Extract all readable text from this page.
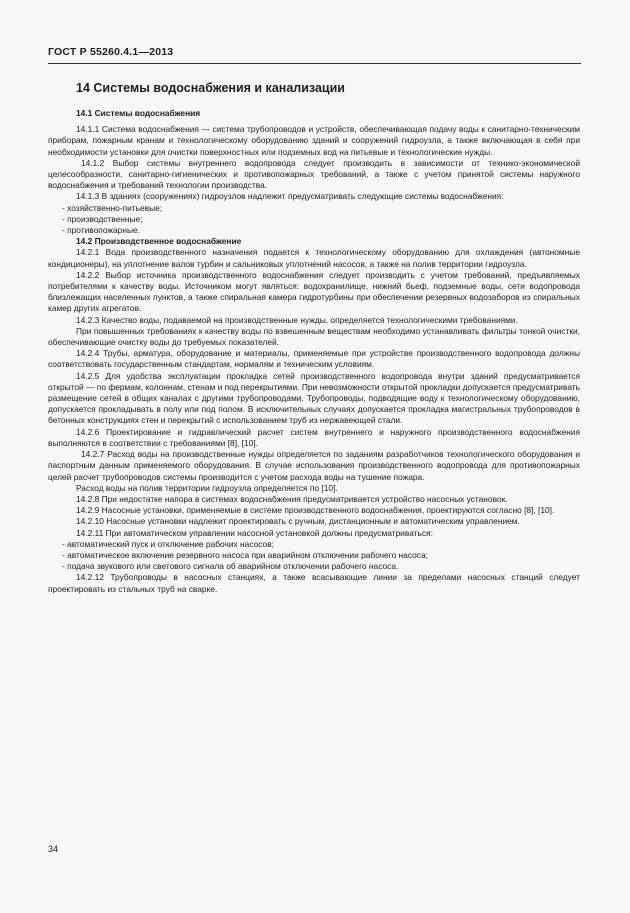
ГОСТ Р 55260.4.1—2013
14 Системы водоснабжения и канализации
14.1 Системы водоснабжения

14.1.1 Система водоснабжения — система трубопроводов и устройств, обеспечивающая подачу воды к санитарно-техническим приборам, пожарным кранам и технологическому оборудованию зданий и сооружений гидроузла, а также включающая в себя при необходимости установки для очистки поверхностных или подземных вод на питьевые и технологические нужды.

14.1.2 Выбор системы внутреннего водопровода следует производить в зависимости от технико-экономической целесообразности, санитарно-гигиенических и противопожарных требований, а также с учетом принятой системы наружного водоснабжения и требований технологии производства.

14.1.3 В зданиях (сооружениях) гидроузлов надлежит предусматривать следующие системы водоснабжения:

- хозяйственно-питьевые;
- производственные;
- противопожарные.
14.2 Производственное водоснабжение

14.2.1 Вода производственного назначения подается к технологическому оборудованию для охлаждения (автономные кондиционеры), на уплотнение валов турбин и сальниковых уплотнений насосов, а также на полив территории гидроузла.

14.2.2 Выбор источника производственного водоснабжения следует производить с учетом требований, предъявляемых потребителями к качеству воды. Источником могут являться: водохранилище, нижний бьеф, подземные воды, сети водопровода близлежащих населенных пунктов, а также спиральная камера гидротурбины при обеспечении резервных водозаборов из спиральных камер других агрегатов.

14.2.3 Качество воды, подаваемой на производственные нужды, определяется технологическими требованиями.

При повышенных требованиях к качеству воды по взвешенным веществам необходимо устанавливать фильтры тонкой очистки, обеспечивающие очистку воды до требуемых показателей.

14.2.4 Трубы, арматура, оборудование и материалы, применяемые при устройстве производственного водопровода должны соответствовать государственным стандартам, нормалям и техническим условиям.

14.2.5 Для удобства эксплуатации прокладка сетей производственного водопровода внутри зданий предусматривается открытой — по фермам, колоннам, стенам и под перекрытиями. При невозможности открытой прокладки допускается предусматривать размещение сетей в общих каналах с другими трубопроводами. Трубопроводы, подводящие воду к технологическому оборудованию, допускается прокладывать в полу или под полом. В исключительных случаях допускается прокладка магистральных трубопроводов в бетонных конструкциях стен и перекрытий с использованием труб из нержавеющей стали.

14.2.6 Проектирование и гидравлический расчет систем внутреннего и наружного производственного водоснабжения выполняются в соответствии с требованиями [8], [10].

14.2.7 Расход воды на производственные нужды определяется по заданиям разработчиков технологического оборудования и паспортным данным применяемого оборудования. В случае использования производственного водопровода для противопожарных целей расчет трубопроводов системы производится с учетом расхода воды на тушение пожара.

Расход воды на полив территории гидроузла определяется по [10].

14.2.8 При недостатке напора в системах водоснабжения предусматривается устройство насосных установок.

14.2.9 Насосные установки, применяемые в системе производственного водоснабжения, проектируются согласно [8], [10].

14.2.10 Насосные установки надлежит проектировать с ручным, дистанционным и автоматическим управлением.

14.2.11 При автоматическом управлении насосной установкой должны предусматриваться:

- автоматический пуск и отключение рабочих насосов;
- автоматическое включение резервного насоса при аварийном отключении рабочего насоса;
- подача звукового или светового сигнала об аварийном отключении рабочего насоса.

14.2.12 Трубопроводы в насосных станциях, а также всасывающие линии за пределами насосных станций следует проектировать из стальных труб на сварке.

34
